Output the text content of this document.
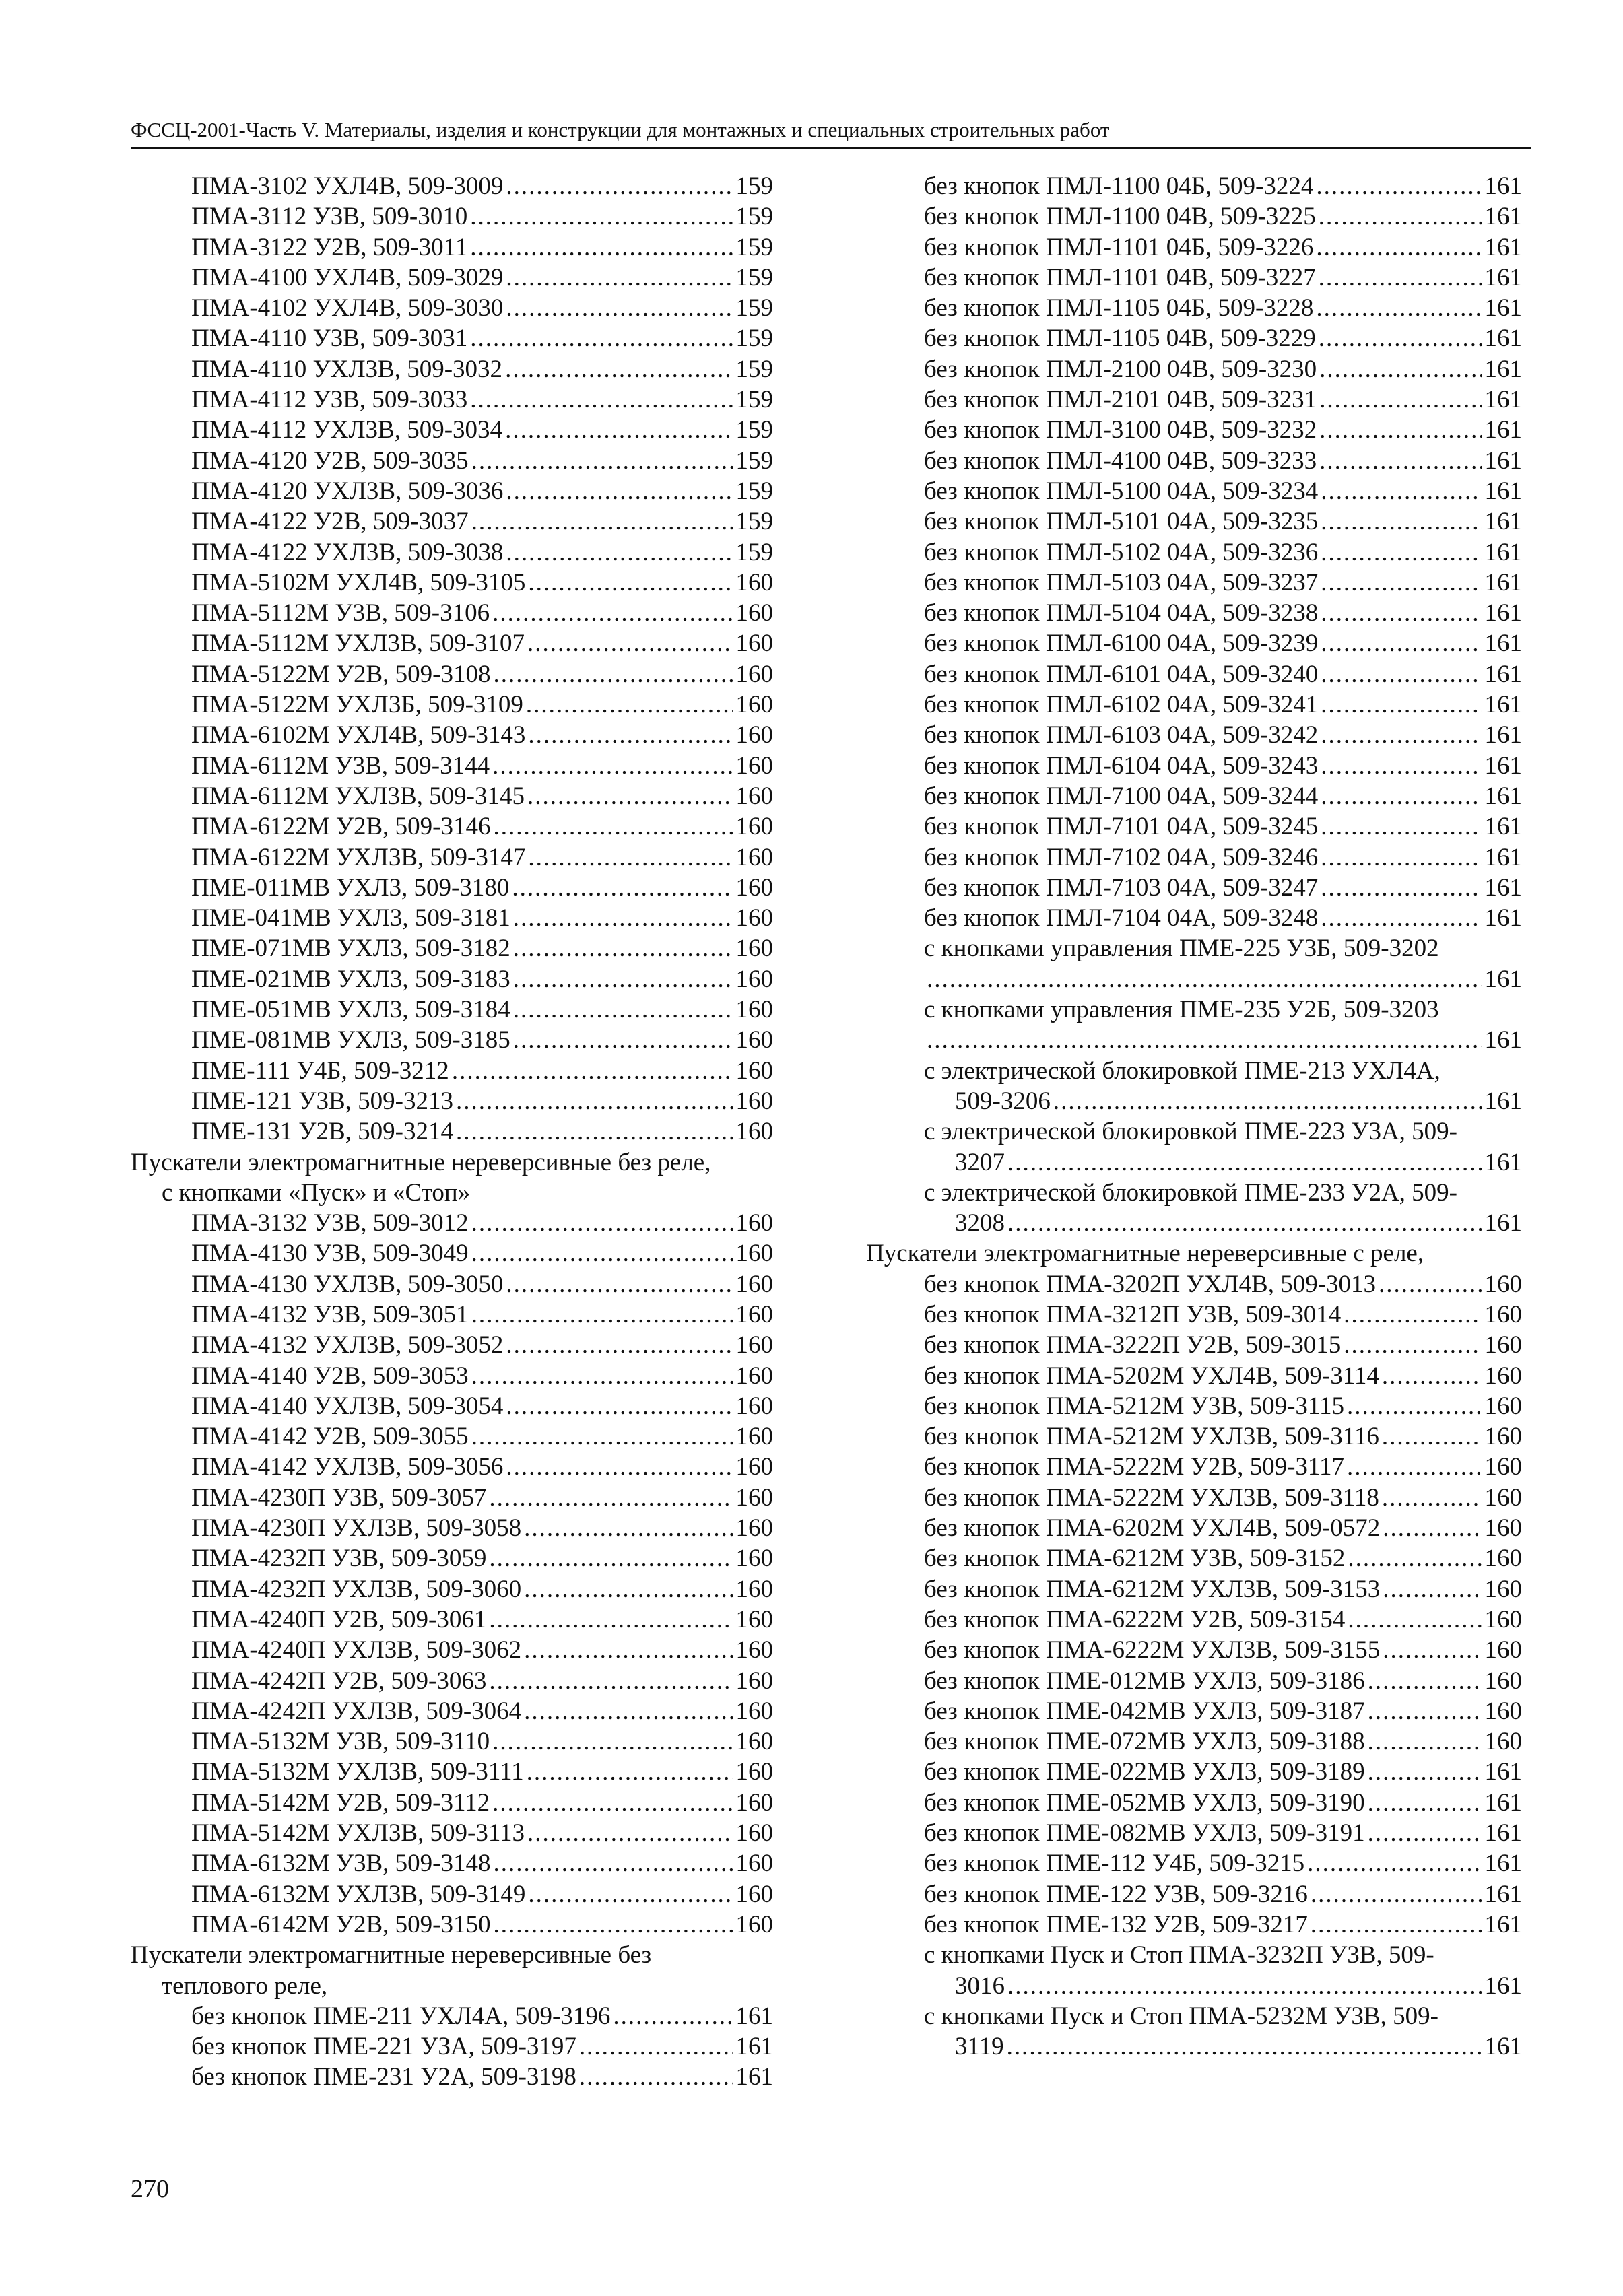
ФССЦ-2001-Часть V. Материалы, изделия и конструкции для монтажных и специальных строительных работ
ПМА-3102 УХЛ4В, 509-3009 .....	159
ПМА-3112 У3В, 509-3010 .....	159
ПМА-3122 У2В, 509-3011 .....	159
ПМА-4100 УХЛ4В, 509-3029 .....	159
ПМА-4102 УХЛ4В, 509-3030 .....	159
ПМА-4110 У3В, 509-3031 .....	159
ПМА-4110 УХЛ3В, 509-3032 .....	159
ПМА-4112 У3В, 509-3033 .....	159
ПМА-4112 УХЛ3В, 509-3034 .....	159
ПМА-4120 У2В, 509-3035 .....	159
ПМА-4120 УХЛ3В, 509-3036 .....	159
ПМА-4122 У2В, 509-3037 .....	159
ПМА-4122 УХЛ3В, 509-3038 .....	159
ПМА-5102М УХЛ4В, 509-3105 .....	160
ПМА-5112М У3В, 509-3106 .....	160
ПМА-5112М УХЛ3В, 509-3107 .....	160
ПМА-5122М У2В, 509-3108 .....	160
ПМА-5122М УХЛ3Б, 509-3109 .....	160
ПМА-6102М УХЛ4В, 509-3143 .....	160
ПМА-6112М У3В, 509-3144 .....	160
ПМА-6112М УХЛ3В, 509-3145 .....	160
ПМА-6122М У2В, 509-3146 .....	160
ПМА-6122М УХЛ3В, 509-3147 .....	160
ПМЕ-011МВ УХЛ3, 509-3180 .....	160
ПМЕ-041МВ УХЛ3, 509-3181 .....	160
ПМЕ-071МВ УХЛ3, 509-3182 .....	160
ПМЕ-021МВ УХЛ3, 509-3183 .....	160
ПМЕ-051МВ УХЛ3, 509-3184 .....	160
ПМЕ-081МВ УХЛ3, 509-3185 .....	160
ПМЕ-111 У4Б, 509-3212 .....	160
ПМЕ-121 У3В, 509-3213 .....	160
ПМЕ-131 У2В, 509-3214 .....	160
Пускатели электромагнитные нереверсивные без реле,
с кнопками «Пуск» и «Стоп»
ПМА-3132 У3В, 509-3012 .....	160
ПМА-4130 У3В, 509-3049 .....	160
ПМА-4130 УХЛ3В, 509-3050 .....	160
ПМА-4132 У3В, 509-3051 .....	160
ПМА-4132 УХЛ3В, 509-3052 .....	160
ПМА-4140 У2В, 509-3053 .....	160
ПМА-4140 УХЛ3В, 509-3054 .....	160
ПМА-4142 У2В, 509-3055 .....	160
ПМА-4142 УХЛ3В, 509-3056 .....	160
ПМА-4230П У3В, 509-3057 .....	160
ПМА-4230П УХЛ3В, 509-3058 .....	160
ПМА-4232П У3В, 509-3059 .....	160
ПМА-4232П УХЛ3В, 509-3060 .....	160
ПМА-4240П У2В, 509-3061 .....	160
ПМА-4240П УХЛ3В, 509-3062 .....	160
ПМА-4242П У2В, 509-3063 .....	160
ПМА-4242П УХЛ3В, 509-3064 .....	160
ПМА-5132М У3В, 509-3110 .....	160
ПМА-5132М УХЛ3В, 509-3111 .....	160
ПМА-5142М У2В, 509-3112 .....	160
ПМА-5142М УХЛ3В, 509-3113 .....	160
ПМА-6132М У3В, 509-3148 .....	160
ПМА-6132М УХЛ3В, 509-3149 .....	160
ПМА-6142М У2В, 509-3150 .....	160
Пускатели электромагнитные нереверсивные без
теплового реле,
без кнопок ПМЕ-211 УХЛ4А, 509-3196 .....	161
без кнопок ПМЕ-221 У3А, 509-3197 .....	161
без кнопок ПМЕ-231 У2А, 509-3198 .....	161
без кнопок ПМЛ-1100 04Б, 509-3224 .....	161
без кнопок ПМЛ-1100 04В, 509-3225 .....	161
без кнопок ПМЛ-1101 04Б, 509-3226 .....	161
без кнопок ПМЛ-1101 04В, 509-3227 .....	161
без кнопок ПМЛ-1105 04Б, 509-3228 .....	161
без кнопок ПМЛ-1105 04В, 509-3229 .....	161
без кнопок ПМЛ-2100 04В, 509-3230 .....	161
без кнопок ПМЛ-2101 04В, 509-3231 .....	161
без кнопок ПМЛ-3100 04В, 509-3232 .....	161
без кнопок ПМЛ-4100 04В, 509-3233 .....	161
без кнопок ПМЛ-5100 04А, 509-3234 .....	161
без кнопок ПМЛ-5101 04А, 509-3235 .....	161
без кнопок ПМЛ-5102 04А, 509-3236 .....	161
без кнопок ПМЛ-5103 04А, 509-3237 .....	161
без кнопок ПМЛ-5104 04А, 509-3238 .....	161
без кнопок ПМЛ-6100 04А, 509-3239 .....	161
без кнопок ПМЛ-6101 04А, 509-3240 .....	161
без кнопок ПМЛ-6102 04А, 509-3241 .....	161
без кнопок ПМЛ-6103 04А, 509-3242 .....	161
без кнопок ПМЛ-6104 04А, 509-3243 .....	161
без кнопок ПМЛ-7100 04А, 509-3244 .....	161
без кнопок ПМЛ-7101 04А, 509-3245 .....	161
без кнопок ПМЛ-7102 04А, 509-3246 .....	161
без кнопок ПМЛ-7103 04А, 509-3247 .....	161
без кнопок ПМЛ-7104 04А, 509-3248 .....	161
с кнопками управления ПМЕ-225 У3Б, 509-3202
.....
161
с кнопками управления ПМЕ-235 У2Б, 509-3203
.....
161
с электрической блокировкой ПМЕ-213 УХЛ4А,
509-3206 .....	161
с электрической блокировкой ПМЕ-223 У3А, 509-
3207 .....	161
с электрической блокировкой ПМЕ-233 У2А, 509-
3208 .....	161
Пускатели электромагнитные нереверсивные с реле,
без кнопок ПМА-3202П УХЛ4В, 509-3013 .....	160
без кнопок ПМА-3212П У3В, 509-3014 .....	160
без кнопок ПМА-3222П У2В, 509-3015 .....	160
без кнопок ПМА-5202М УХЛ4В, 509-3114 .....	160
без кнопок ПМА-5212М У3В, 509-3115 .....	160
без кнопок ПМА-5212М УХЛ3В, 509-3116 .....	160
без кнопок ПМА-5222М У2В, 509-3117 .....	160
без кнопок ПМА-5222М УХЛ3В, 509-3118 .....	160
без кнопок ПМА-6202М УХЛ4В, 509-0572 .....	160
без кнопок ПМА-6212М У3В, 509-3152 .....	160
без кнопок ПМА-6212М УХЛ3В, 509-3153 .....	160
без кнопок ПМА-6222М У2В, 509-3154 .....	160
без кнопок ПМА-6222М УХЛ3В, 509-3155 .....	160
без кнопок ПМЕ-012МВ УХЛ3, 509-3186 .....	160
без кнопок ПМЕ-042МВ УХЛ3, 509-3187 .....	160
без кнопок ПМЕ-072МВ УХЛ3, 509-3188 .....	160
без кнопок ПМЕ-022МВ УХЛ3, 509-3189 .....	161
без кнопок ПМЕ-052МВ УХЛ3, 509-3190 .....	161
без кнопок ПМЕ-082МВ УХЛ3, 509-3191 .....	161
без кнопок ПМЕ-112 У4Б, 509-3215 .....	161
без кнопок ПМЕ-122 У3В, 509-3216 .....	161
без кнопок ПМЕ-132 У2В, 509-3217 .....	161
с кнопками Пуск и Стоп ПМА-3232П У3В, 509-
3016 .....	161
с кнопками Пуск и Стоп ПМА-5232М У3В, 509-
3119 .....	161
270
